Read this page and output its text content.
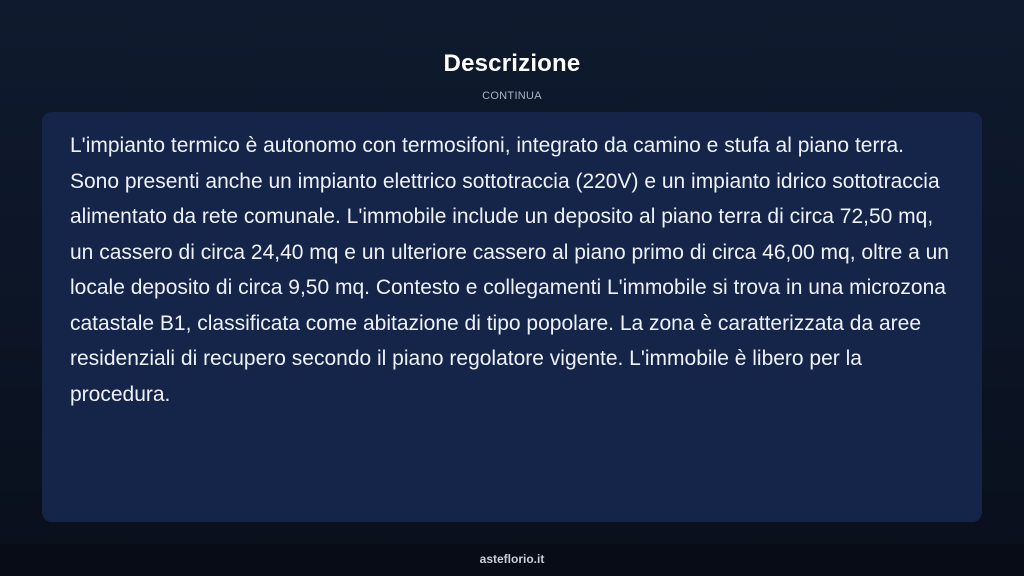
Descrizione
CONTINUA

L'impianto termico è autonomo con termosifoni, integrato da camino e stufa al piano terra. Sono presenti anche un impianto elettrico sottotraccia (220V) e un impianto idrico sottotraccia alimentato da rete comunale. L'immobile include un deposito al piano terra di circa 72,50 mq, un cassero di circa 24,40 mq e un ulteriore cassero al piano primo di circa 46,00 mq, oltre a un locale deposito di circa 9,50 mq. Contesto e collegamenti L'immobile si trova in una microzona catastale B1, classificata come abitazione di tipo popolare. La zona è caratterizzata da aree residenziali di recupero secondo il piano regolatore vigente. L'immobile è libero per la procedura.

asteflorio.it
